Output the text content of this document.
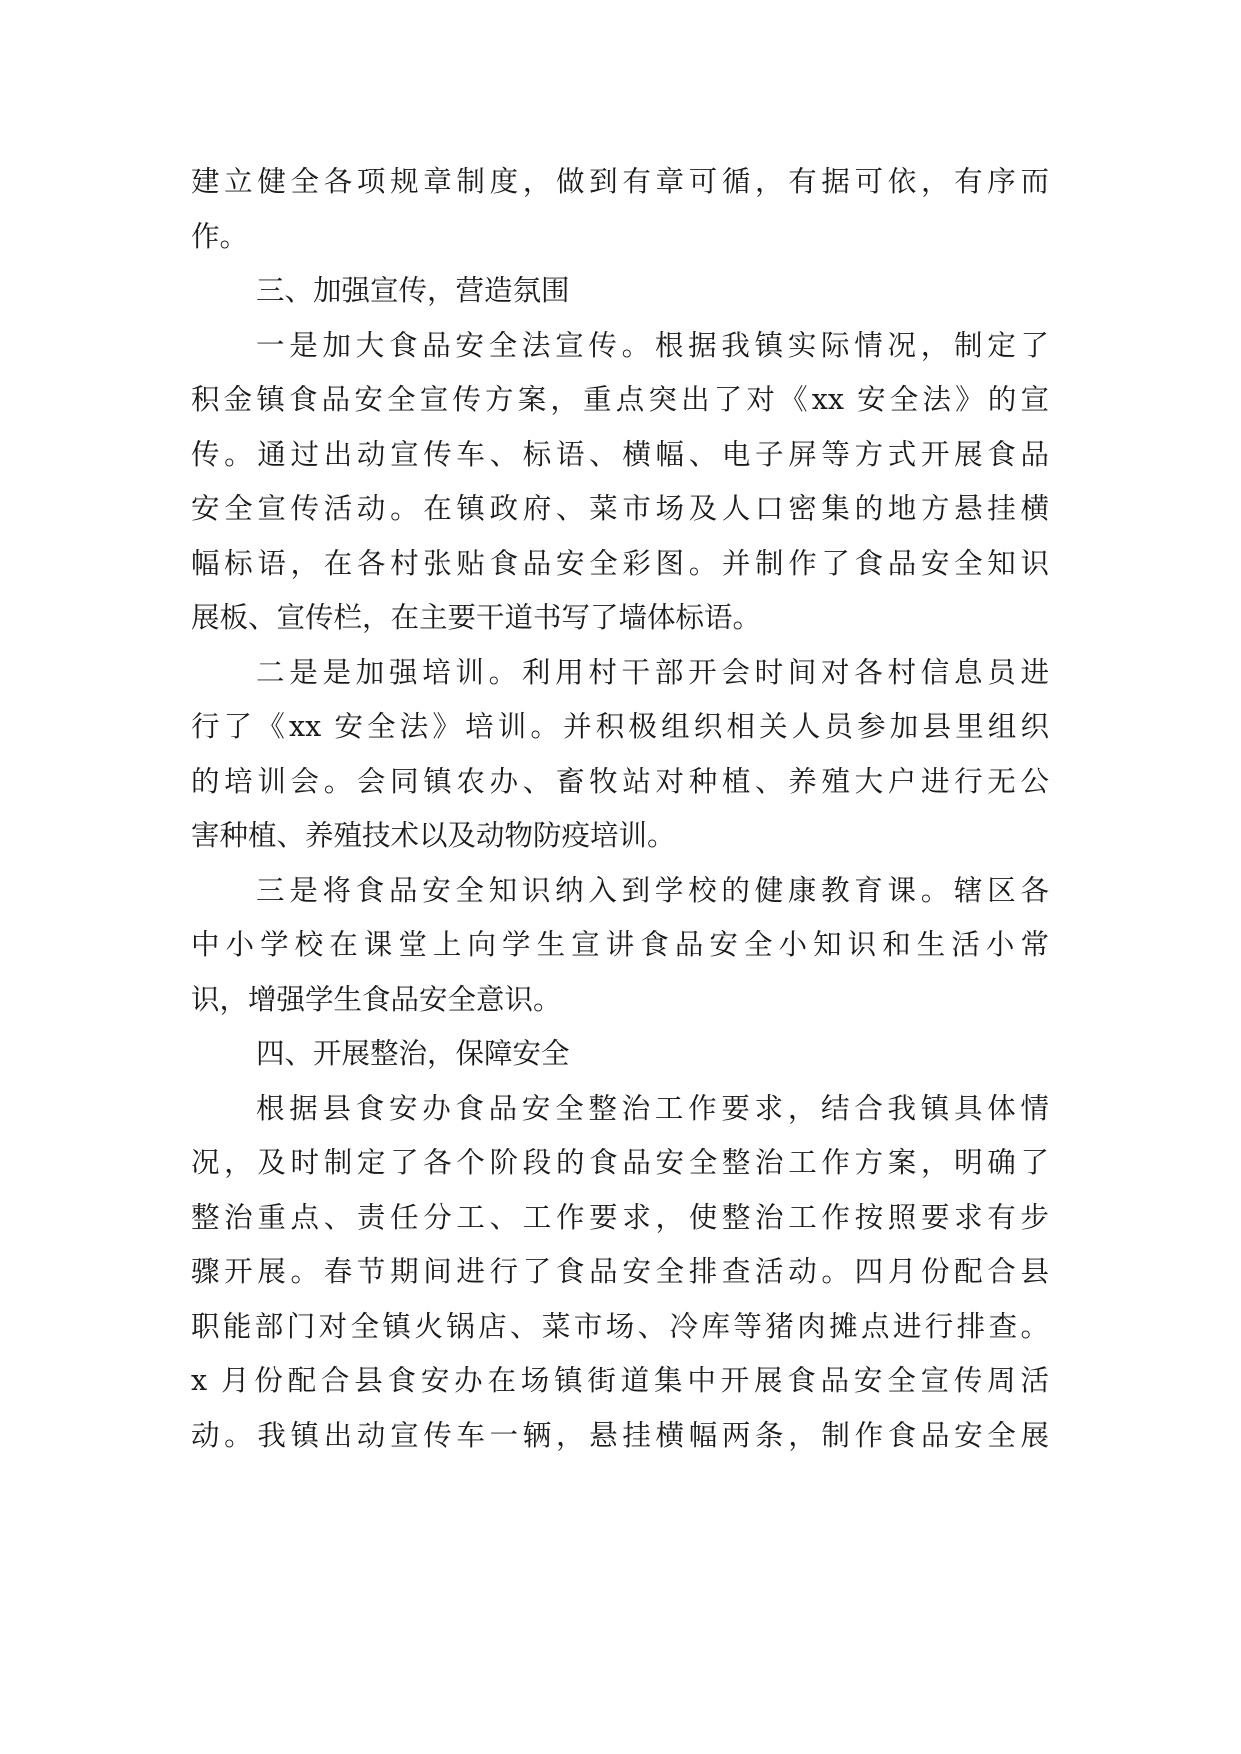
建立健全各项规章制度，做到有章可循，有据可依，有序而
作。
三、加强宣传，营造氛围
一是加大食品安全法宣传。根据我镇实际情况，制定了
积金镇食品安全宣传方案，重点突出了对《xx 安全法》的宣
传。通过出动宣传车、标语、横幅、电子屏等方式开展食品
安全宣传活动。在镇政府、菜市场及人口密集的地方悬挂横
幅标语，在各村张贴食品安全彩图。并制作了食品安全知识
展板、宣传栏，在主要干道书写了墙体标语。
二是是加强培训。利用村干部开会时间对各村信息员进
行了《xx 安全法》培训。并积极组织相关人员参加县里组织
的培训会。会同镇农办、畜牧站对种植、养殖大户进行无公
害种植、养殖技术以及动物防疫培训。
三是将食品安全知识纳入到学校的健康教育课。辖区各
中小学校在课堂上向学生宣讲食品安全小知识和生活小常
识，增强学生食品安全意识。
四、开展整治，保障安全
根据县食安办食品安全整治工作要求，结合我镇具体情
况，及时制定了各个阶段的食品安全整治工作方案，明确了
整治重点、责任分工、工作要求，使整治工作按照要求有步
骤开展。春节期间进行了食品安全排查活动。四月份配合县
职能部门对全镇火锅店、菜市场、冷库等猪肉摊点进行排查。
x 月份配合县食安办在场镇街道集中开展食品安全宣传周活
动。我镇出动宣传车一辆，悬挂横幅两条，制作食品安全展
